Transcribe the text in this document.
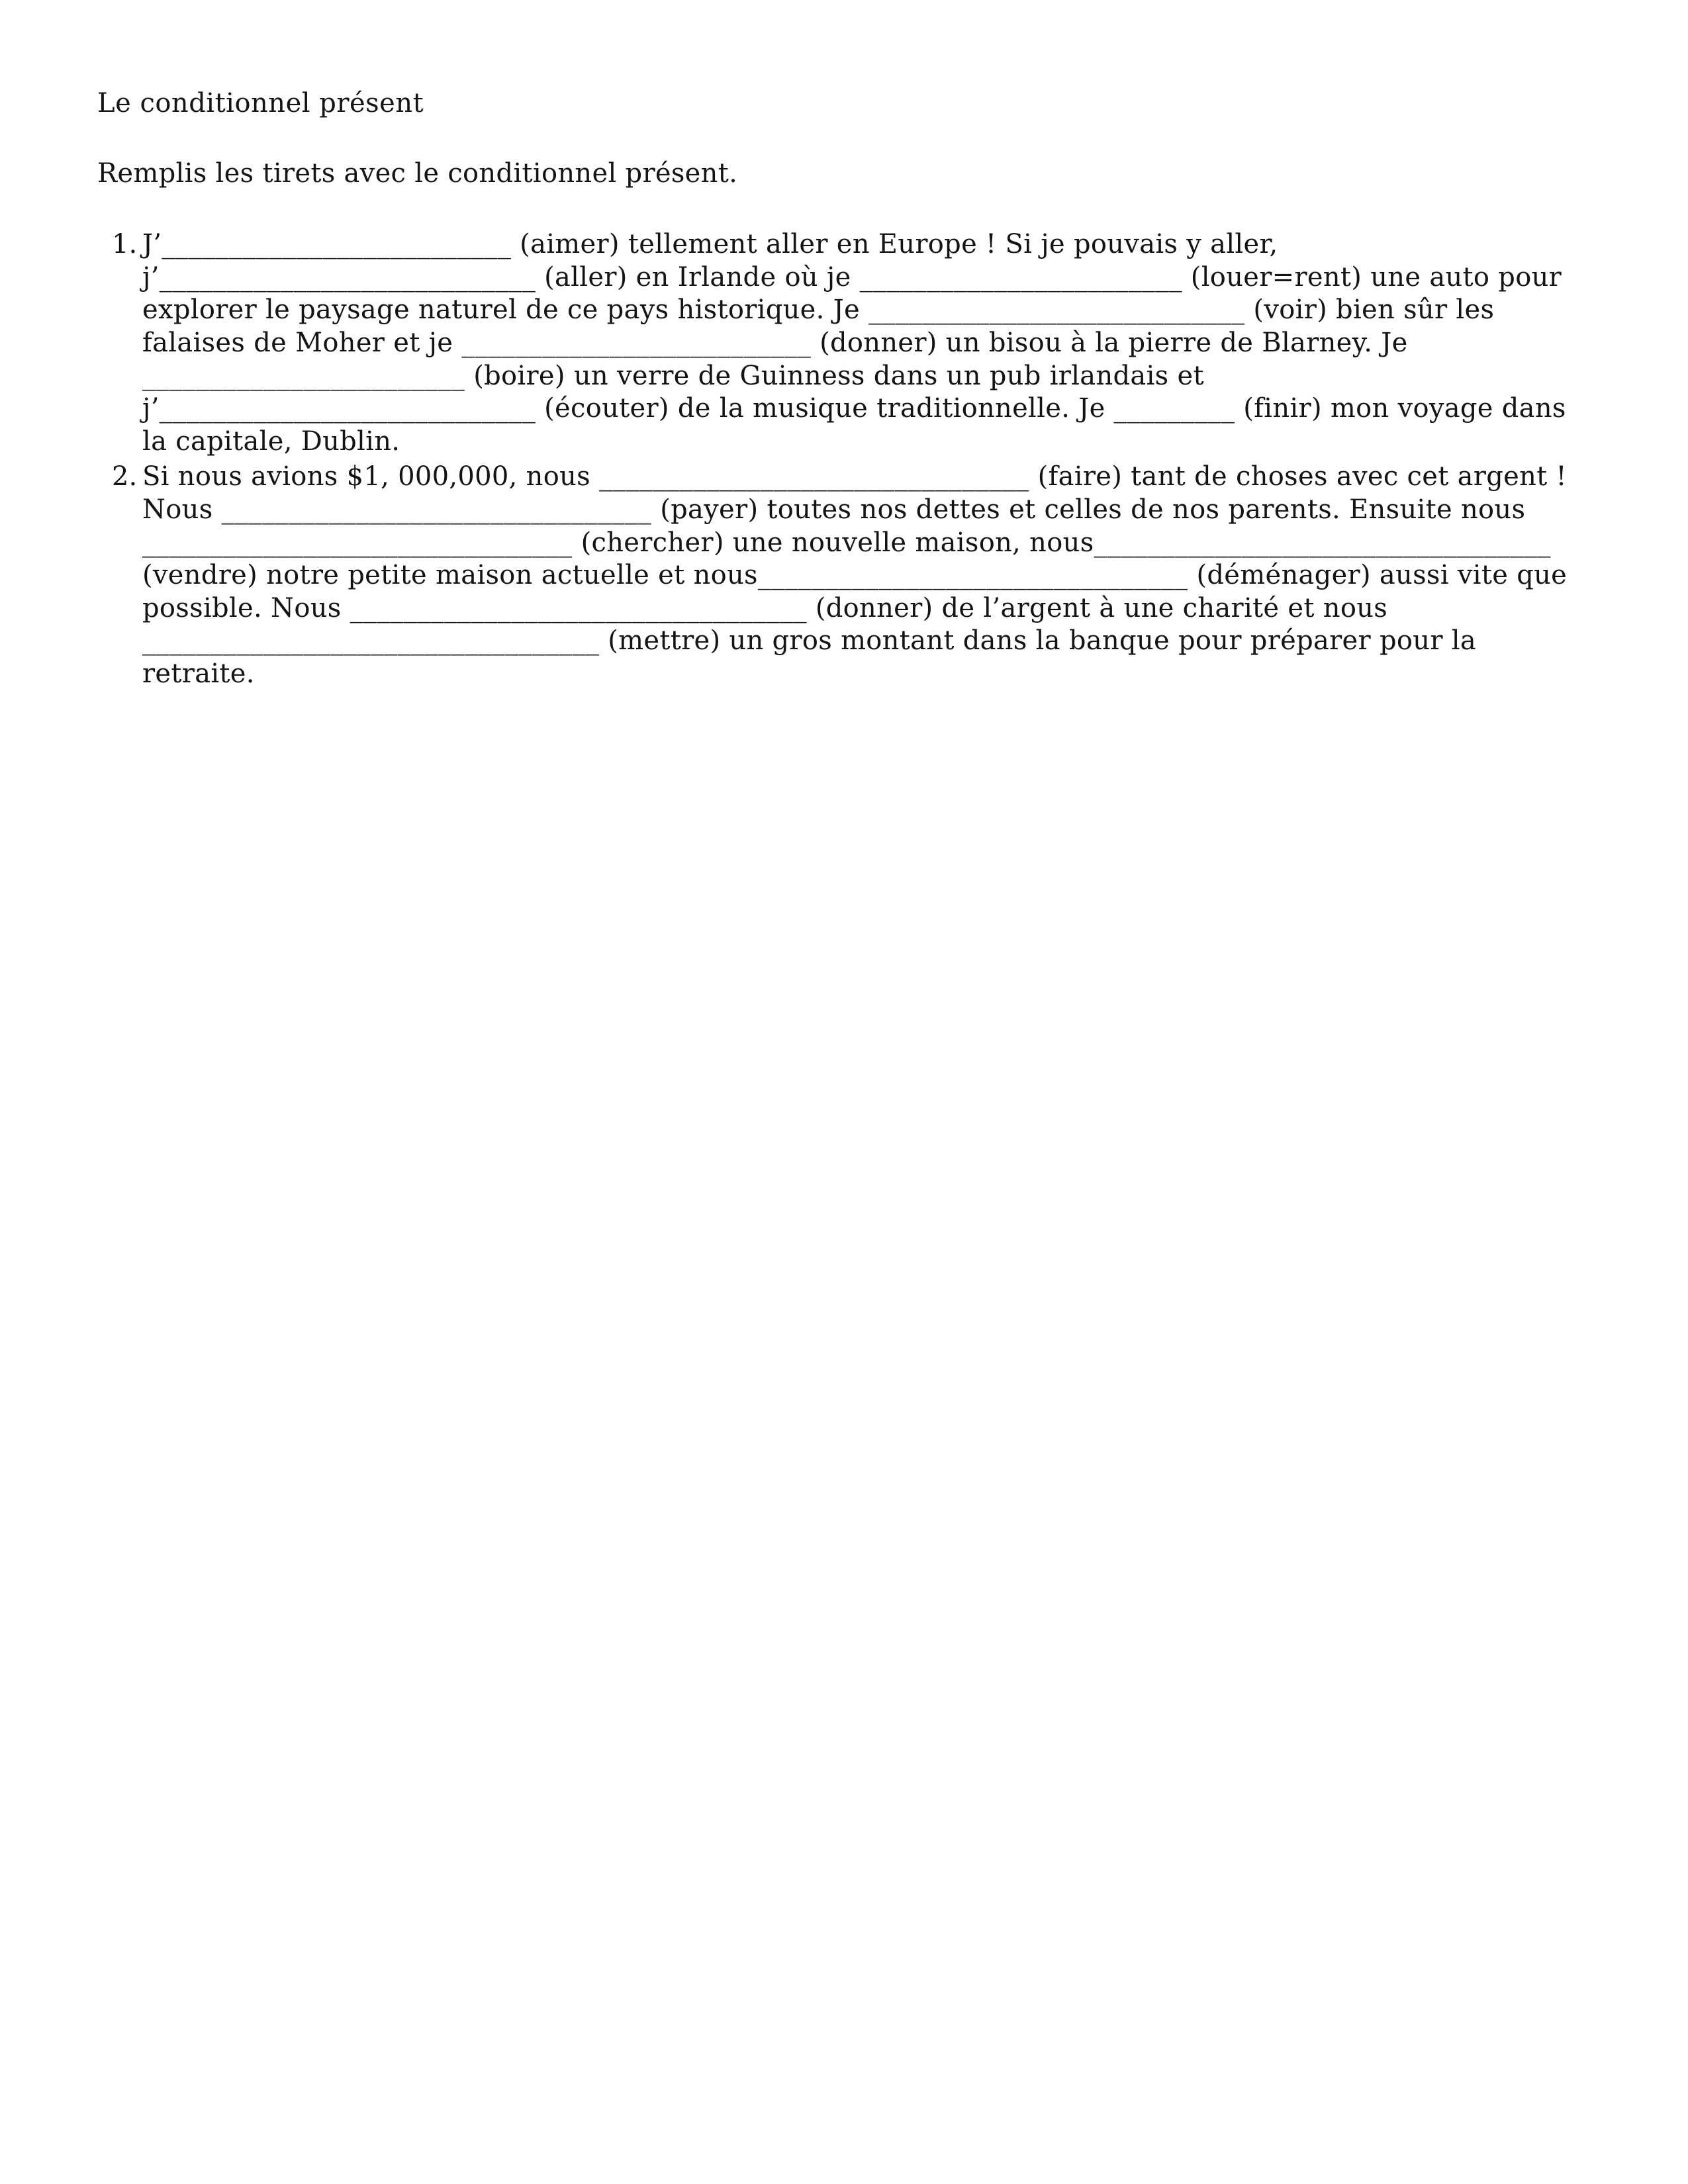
Le conditionnel présent

Remplis les tirets avec le conditionnel présent.

1. J’__________________________ (aimer) tellement aller en Europe ! Si je pouvais y aller, j’____________________________ (aller) en Irlande où je ________________________ (louer=rent) une auto pour explorer le paysage naturel de ce pays historique. Je ____________________________ (voir) bien sûr les falaises de Moher et je __________________________ (donner) un bisou à la pierre de Blarney. Je ________________________ (boire) un verre de Guinness dans un pub irlandais et j’____________________________ (écouter) de la musique traditionnelle. Je _________ (finir) mon voyage dans la capitale, Dublin.
2. Si nous avions $1, 000,000, nous ________________________________ (faire) tant de choses avec cet argent ! Nous ________________________________ (payer) toutes nos dettes et celles de nos parents. Ensuite nous ________________________________ (chercher) une nouvelle maison, nous__________________________________ (vendre) notre petite maison actuelle et nous________________________________ (déménager) aussi vite que possible. Nous __________________________________ (donner) de l’argent à une charité et nous __________________________________ (mettre) un gros montant dans la banque pour préparer pour la retraite.
